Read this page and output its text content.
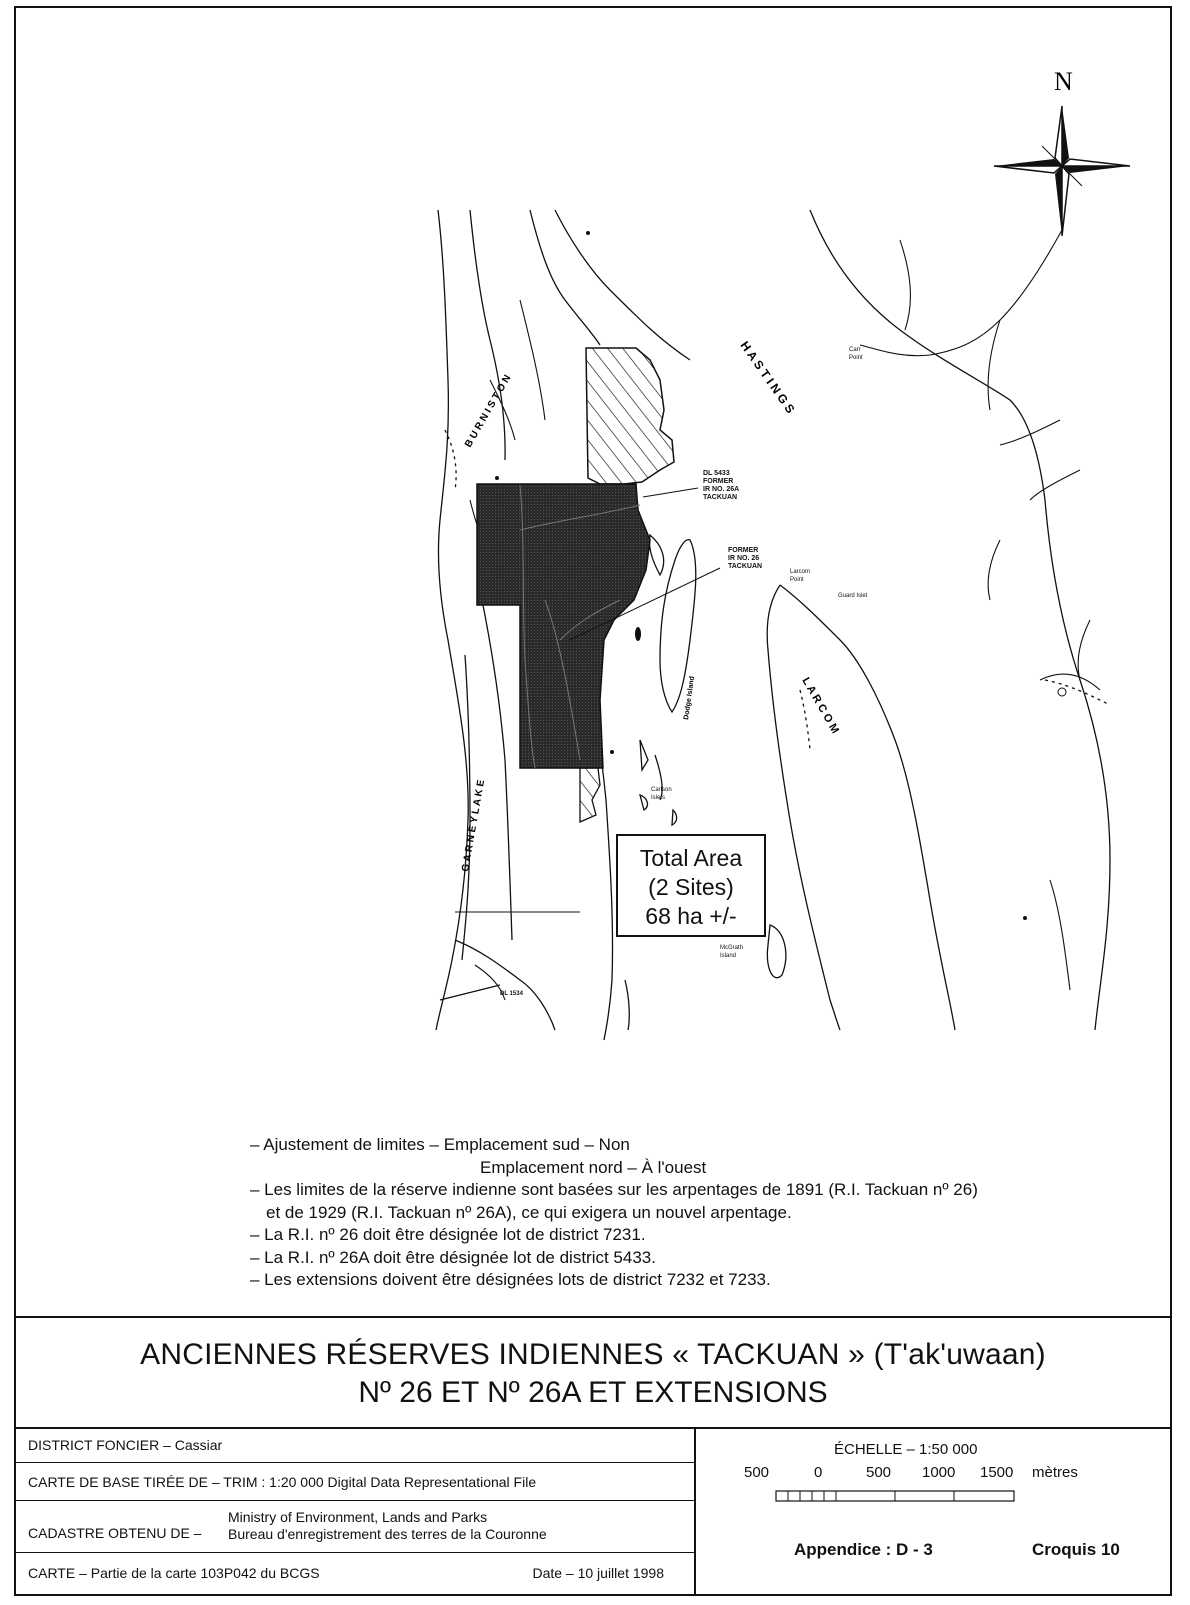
N
B U R N I S T O N	H A S T I N G S
L A R C O M
G A R N E Y L A K E
Dodge Island
DL 5433
FORMER
IR NO. 26A
TACKUAN
FORMER
IR NO. 26
TACKUAN
Carr
Point
Larcom
Point
Guard Islet
Carlson
Islets
McGrath
Island
DL 1534
Total Area
(2 Sites)
68 ha +/-
– Ajustement de limites – Emplacement sud – Non
Emplacement nord – À l'ouest
– Les limites de la réserve indienne sont basées sur les arpentages de 1891 (R.I. Tackuan nº 26)
et de 1929 (R.I. Tackuan nº 26A), ce qui exigera un nouvel arpentage.
– La R.I. nº 26 doit être désignée lot de district 7231.
– La R.I. nº 26A doit être désignée lot de district 5433.
– Les extensions doivent être désignées lots de district 7232 et 7233.
ANCIENNES RÉSERVES INDIENNES « TACKUAN » (T'ak'uwaan)
Nº 26 ET Nº 26A ET EXTENSIONS
DISTRICT FONCIER – Cassiar
CARTE DE BASE TIRÉE DE – TRIM : 1:20 000 Digital Data Representational File
CADASTRE OBTENU DE –
Ministry of Environment, Lands and Parks
Bureau d'enregistrement des terres de la Couronne
CARTE – Partie de la carte 103P042 du BCGS	Date – 10 juillet 1998
ÉCHELLE – 1:50 000
500	0	500 1000 1500 mètres
Appendice : D - 3	Croquis 10
